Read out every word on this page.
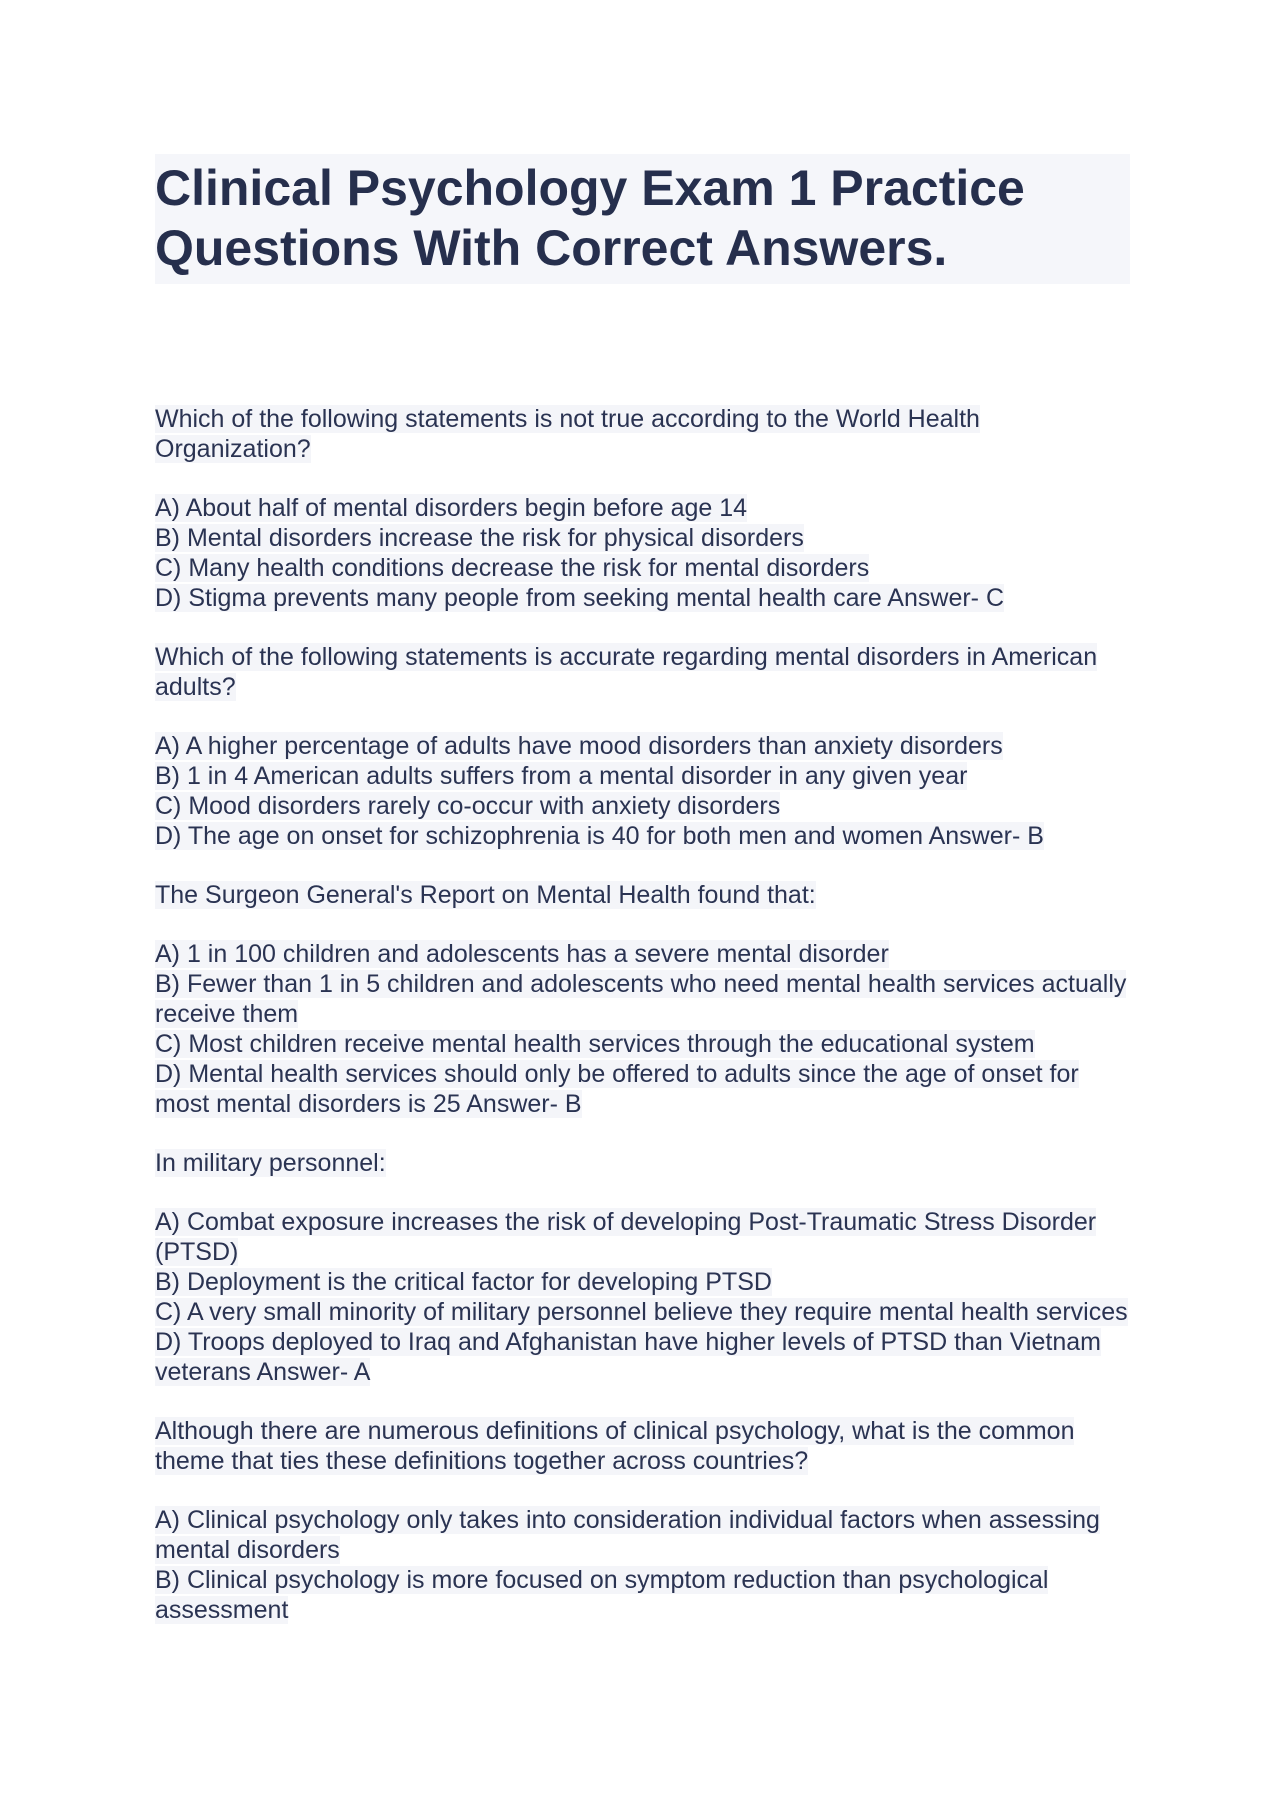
Clinical Psychology Exam 1 Practice Questions With Correct Answers.

Which of the following statements is not true according to the World Health Organization?

A) About half of mental disorders begin before age 14
B) Mental disorders increase the risk for physical disorders
C) Many health conditions decrease the risk for mental disorders
D) Stigma prevents many people from seeking mental health care Answer- C

Which of the following statements is accurate regarding mental disorders in American adults?

A) A higher percentage of adults have mood disorders than anxiety disorders
B) 1 in 4 American adults suffers from a mental disorder in any given year
C) Mood disorders rarely co-occur with anxiety disorders
D) The age on onset for schizophrenia is 40 for both men and women Answer- B

The Surgeon General's Report on Mental Health found that:

A) 1 in 100 children and adolescents has a severe mental disorder
B) Fewer than 1 in 5 children and adolescents who need mental health services actually receive them
C) Most children receive mental health services through the educational system
D) Mental health services should only be offered to adults since the age of onset for most mental disorders is 25 Answer- B

In military personnel:

A) Combat exposure increases the risk of developing Post-Traumatic Stress Disorder (PTSD)
B) Deployment is the critical factor for developing PTSD
C) A very small minority of military personnel believe they require mental health services
D) Troops deployed to Iraq and Afghanistan have higher levels of PTSD than Vietnam veterans Answer- A

Although there are numerous definitions of clinical psychology, what is the common theme that ties these definitions together across countries?

A) Clinical psychology only takes into consideration individual factors when assessing mental disorders
B) Clinical psychology is more focused on symptom reduction than psychological assessment
